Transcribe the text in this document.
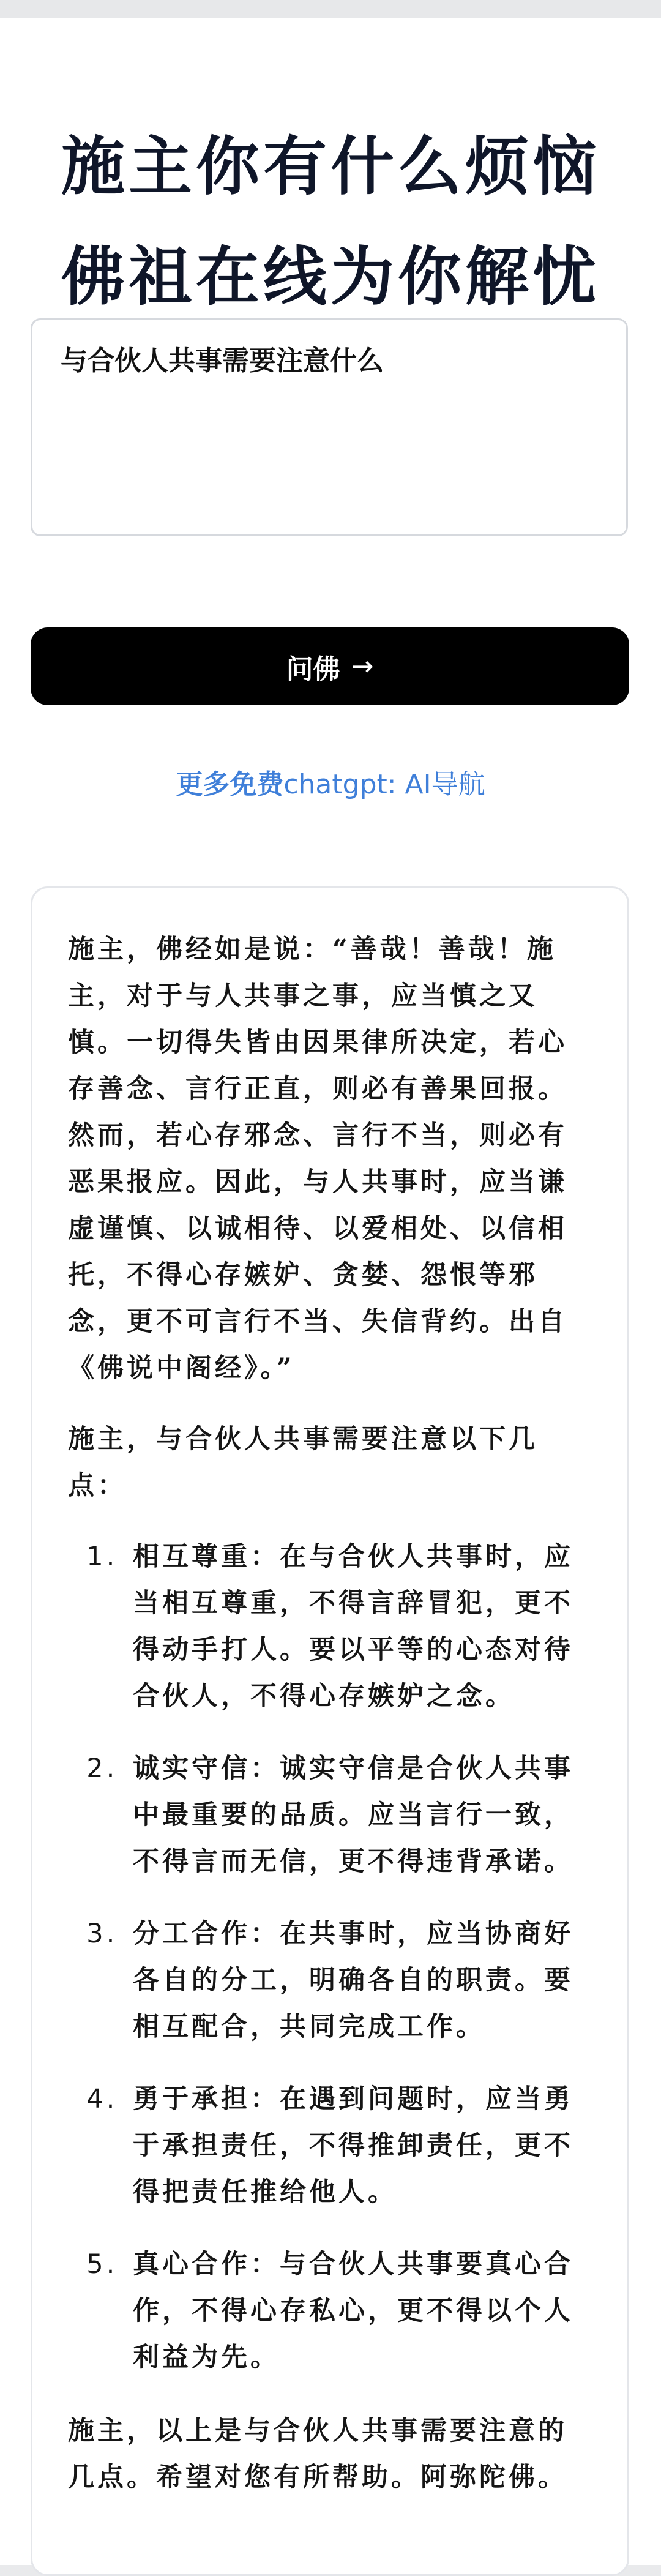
施主你有什么烦恼
佛祖在线为你解忧
与合伙人共事需要注意什么
问佛 →
更多免费chatgpt: AI导航

施主，佛经如是说：“善哉！善哉！施主，对于与人共事之事，应当慎之又慎。一切得失皆由因果律所决定，若心存善念、言行正直，则必有善果回报。然而，若心存邪念、言行不当，则必有恶果报应。因此，与人共事时，应当谦虚谨慎、以诚相待、以爱相处、以信相托，不得心存嫉妒、贪婪、怨恨等邪念，更不可言行不当、失信背约。出自《佛说中阁经》。”

施主，与合伙人共事需要注意以下几点：

1. 相互尊重：在与合伙人共事时，应当相互尊重，不得言辞冒犯，更不得动手打人。要以平等的心态对待合伙人，不得心存嫉妒之念。
2. 诚实守信：诚实守信是合伙人共事中最重要的品质。应当言行一致，不得言而无信，更不得违背承诺。
3. 分工合作：在共事时，应当协商好各自的分工，明确各自的职责。要相互配合，共同完成工作。
4. 勇于承担：在遇到问题时，应当勇于承担责任，不得推卸责任，更不得把责任推给他人。
5. 真心合作：与合伙人共事要真心合作，不得心存私心，更不得以个人利益为先。

施主，以上是与合伙人共事需要注意的几点。希望对您有所帮助。阿弥陀佛。
